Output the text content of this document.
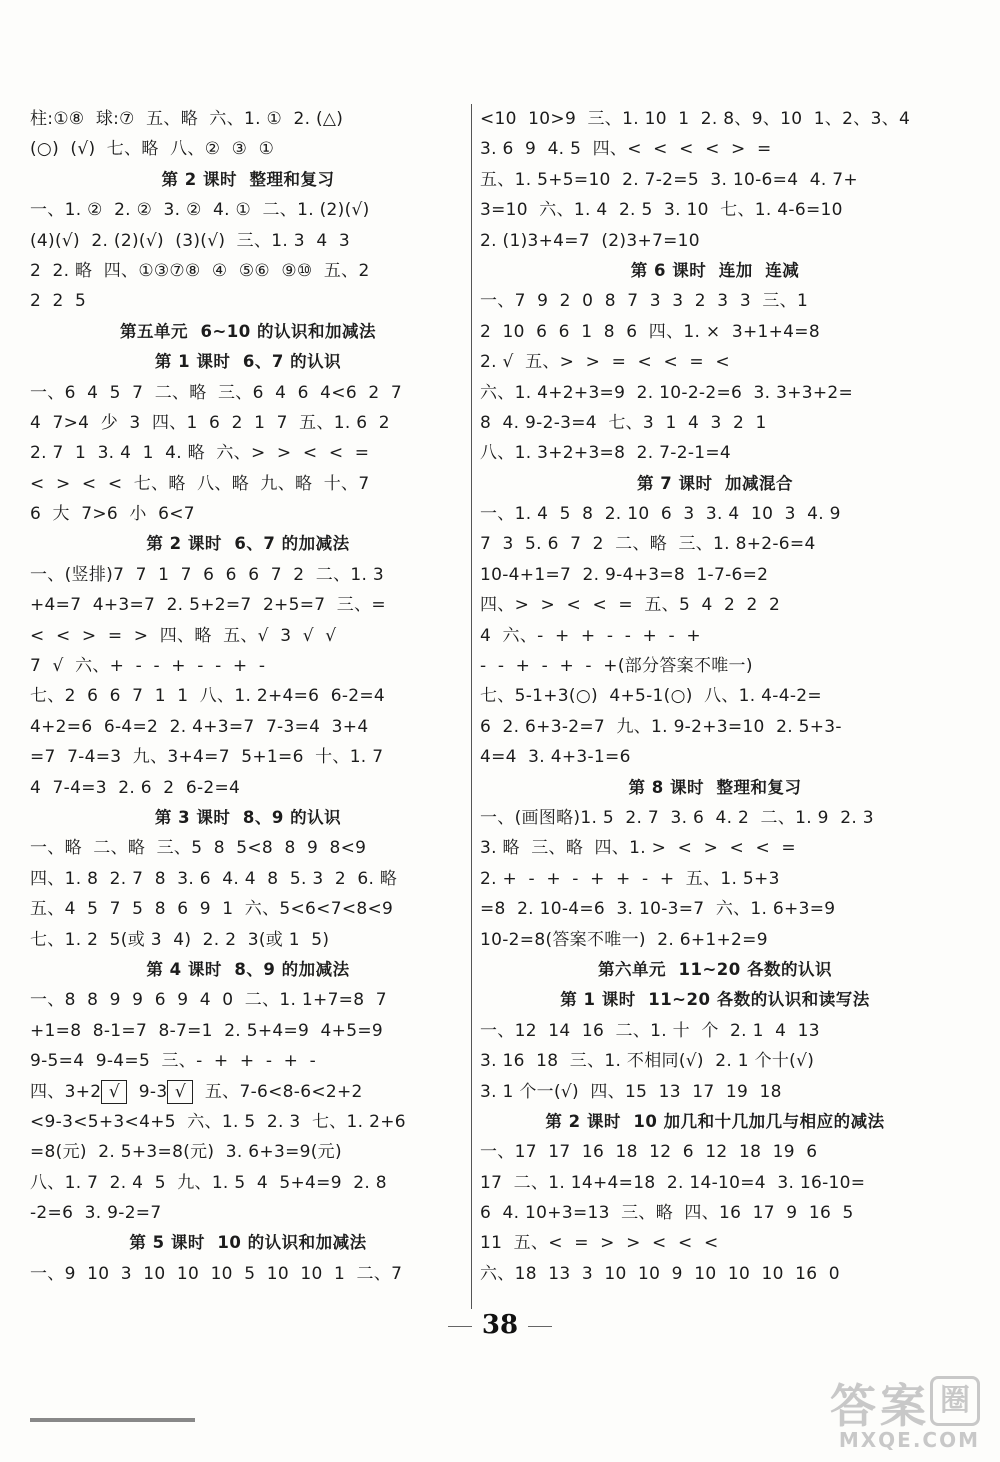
柱:①⑧  球:⑦  五、略  六、1. ①  2. (△)
(○)  (√)  七、略  八、②  ③  ①
第 2 课时  整理和复习
一、1. ②  2. ②  3. ②  4. ①  二、1. (2)(√)
(4)(√)  2. (2)(√)  (3)(√)  三、1. 3  4  3
2  2. 略  四、①③⑦⑧  ④  ⑤⑥  ⑨⑩  五、2
2  2  5
第五单元  6~10 的认识和加减法
第 1 课时  6、7 的认识
一、6  4  5  7  二、略  三、6  4  6  4<6  2  7
4  7>4  少  3  四、1  6  2  1  7  五、1. 6  2
2. 7  1  3. 4  1  4. 略  六、>  >  <  <  =
<  >  <  <  七、略  八、略  九、略  十、7
6  大  7>6  小  6<7
第 2 课时  6、7 的加减法
一、(竖排)7  7  1  7  6  6  6  7  2  二、1. 3
+4=7  4+3=7  2. 5+2=7  2+5=7  三、=
<  <  >  =  >  四、略  五、√  3  √  √
7  √  六、+  -  -  +  -  -  +  -
七、2  6  6  7  1  1  八、1. 2+4=6  6-2=4
4+2=6  6-4=2  2. 4+3=7  7-3=4  3+4
=7  7-4=3  九、3+4=7  5+1=6  十、1. 7
4  7-4=3  2. 6  2  6-2=4
第 3 课时  8、9 的认识
一、略  二、略  三、5  8  5<8  8  9  8<9
四、1. 8  2. 7  8  3. 6  4. 4  8  5. 3  2  6. 略
五、4  5  7  5  8  6  9  1  六、5<6<7<8<9
七、1. 2  5(或 3  4)  2. 2  3(或 1  5)
第 4 课时  8、9 的加减法
一、8  8  9  9  6  9  4  0  二、1. 1+7=8  7
+1=8  8-1=7  8-7=1  2. 5+4=9  4+5=9
9-5=4  9-4=5  三、-  +  +  -  +  -
四、3+2 √  9-3 √  五、7-6<8-6<2+2
<9-3<5+3<4+5  六、1. 5  2. 3  七、1. 2+6
=8(元)  2. 5+3=8(元)  3. 6+3=9(元)
八、1. 7  2. 4  5  九、1. 5  4  5+4=9  2. 8
-2=6  3. 9-2=7
第 5 课时  10 的认识和加减法
一、9  10  3  10  10  10  5  10  10  1  二、7
<10  10>9  三、1. 10  1  2. 8、9、10  1、2、3、4
3. 6  9  4. 5  四、<  <  <  <  >  =
五、1. 5+5=10  2. 7-2=5  3. 10-6=4  4. 7+
3=10  六、1. 4  2. 5  3. 10  七、1. 4-6=10
2. (1)3+4=7  (2)3+7=10
第 6 课时  连加  连减
一、7  9  2  0  8  7  3  3  2  3  3  三、1
2  10  6  6  1  8  6  四、1. ×  3+1+4=8
2. √  五、>  >  =  <  <  =  <
六、1. 4+2+3=9  2. 10-2-2=6  3. 3+3+2=
8  4. 9-2-3=4  七、3  1  4  3  2  1
八、1. 3+2+3=8  2. 7-2-1=4
第 7 课时  加减混合
一、1. 4  5  8  2. 10  6  3  3. 4  10  3  4. 9
7  3  5. 6  7  2  二、略  三、1. 8+2-6=4
10-4+1=7  2. 9-4+3=8  1-7-6=2
四、>  >  <  <  =  五、5  4  2  2  2
4  六、-  +  +  -  -  +  -  +
-  -  +  -  +  -  +(部分答案不唯一)
七、5-1+3(○)  4+5-1(○)  八、1. 4-4-2=
6  2. 6+3-2=7  九、1. 9-2+3=10  2. 5+3-
4=4  3. 4+3-1=6
第 8 课时  整理和复习
一、(画图略)1. 5  2. 7  3. 6  4. 2  二、1. 9  2. 3
3. 略  三、略  四、1. >  <  >  <  <  =
2. +  -  +  -  +  +  -  +  五、1. 5+3
=8  2. 10-4=6  3. 10-3=7  六、1. 6+3=9
10-2=8(答案不唯一)  2. 6+1+2=9
第六单元  11~20 各数的认识
第 1 课时  11~20 各数的认识和读写法
一、12  14  16  二、1. 十  个  2. 1  4  13
3. 16  18  三、1. 不相同(√)  2. 1 个十(√)
3. 1 个一(√)  四、15  13  17  19  18
第 2 课时  10 加几和十几加几与相应的减法
一、17  17  16  18  12  6  12  18  19  6
17  二、1. 14+4=18  2. 14-10=4  3. 16-10=
6  4. 10+3=13  三、略  四、16  17  9  16  5
11  五、<  =  >  >  <  <  <
六、18  13  3  10  10  9  10  10  10  16  0
38
答案 圈
MXQE.COM
